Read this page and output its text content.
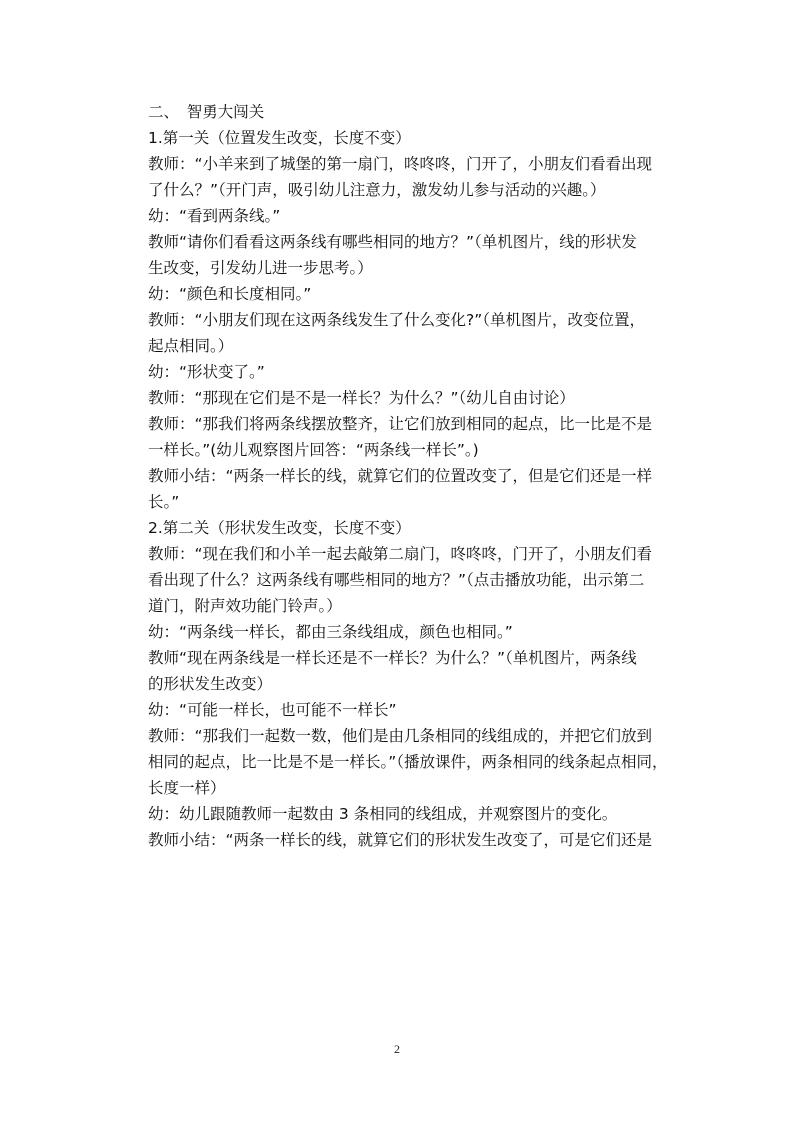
二、　智勇大闯关

1.第一关（位置发生改变，长度不变）

教师：“小羊来到了城堡的第一扇门，咚咚咚，门开了，小朋友们看看出现

了什么？”（开门声，吸引幼儿注意力，激发幼儿参与活动的兴趣。）

幼：“看到两条线。”

教师“请你们看看这两条线有哪些相同的地方？”（单机图片，线的形状发

生改变，引发幼儿进一步思考。）

幼：“颜色和长度相同。”

教师：“小朋友们现在这两条线发生了什么变化?”（单机图片，改变位置，

起点相同。）

幼：“形状变了。”

教师：“那现在它们是不是一样长？为什么？”（幼儿自由讨论）

教师：“那我们将两条线摆放整齐，让它们放到相同的起点，比一比是不是

一样长。”(幼儿观察图片回答：“两条线一样长”。)

教师小结：“两条一样长的线，就算它们的位置改变了，但是它们还是一样

长。”

2.第二关（形状发生改变，长度不变）

教师：“现在我们和小羊一起去敲第二扇门，咚咚咚，门开了，小朋友们看

看出现了什么？这两条线有哪些相同的地方？”（点击播放功能，出示第二

道门，附声效功能门铃声。）

幼：“两条线一样长，都由三条线组成，颜色也相同。”

教师“现在两条线是一样长还是不一样长？为什么？”（单机图片，两条线

的形状发生改变）

幼：“可能一样长，也可能不一样长”

教师：“那我们一起数一数，他们是由几条相同的线组成的，并把它们放到

相同的起点，比一比是不是一样长。”（播放课件，两条相同的线条起点相同，

长度一样）

幼：幼儿跟随教师一起数由 3 条相同的线组成，并观察图片的变化。

教师小结：“两条一样长的线，就算它们的形状发生改变了，可是它们还是

2
